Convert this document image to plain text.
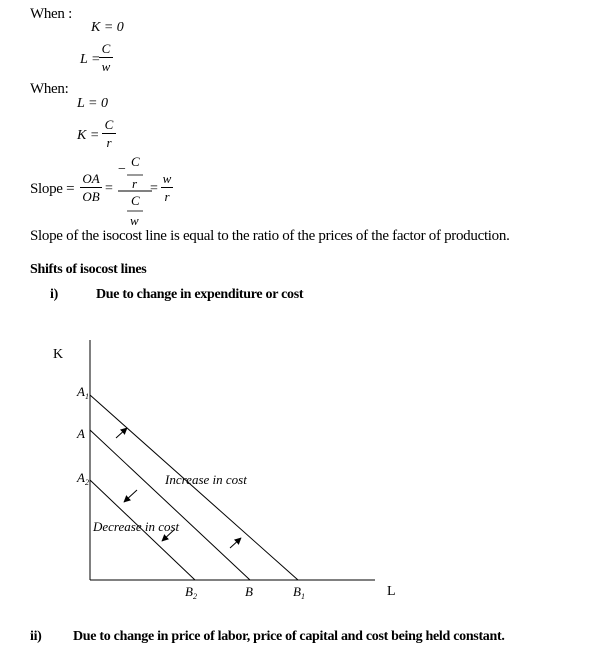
When :
K = 0
L =
C
w
When:
L = 0
K =
C
r
Slope =
OA
OB
=
−
C
r
C
w
=
w
r
Slope of the isocost line is equal to the ratio of the prices of the factor of production.
Shifts of isocost lines
i)	Due to change in expenditure or cost
K
L
$A_1$
A
$A_2$
$B_2$	B	$B_1$
Increase in cost
Decrease in cost
ii) Due to change in price of labor, price of capital and cost being held constant.
